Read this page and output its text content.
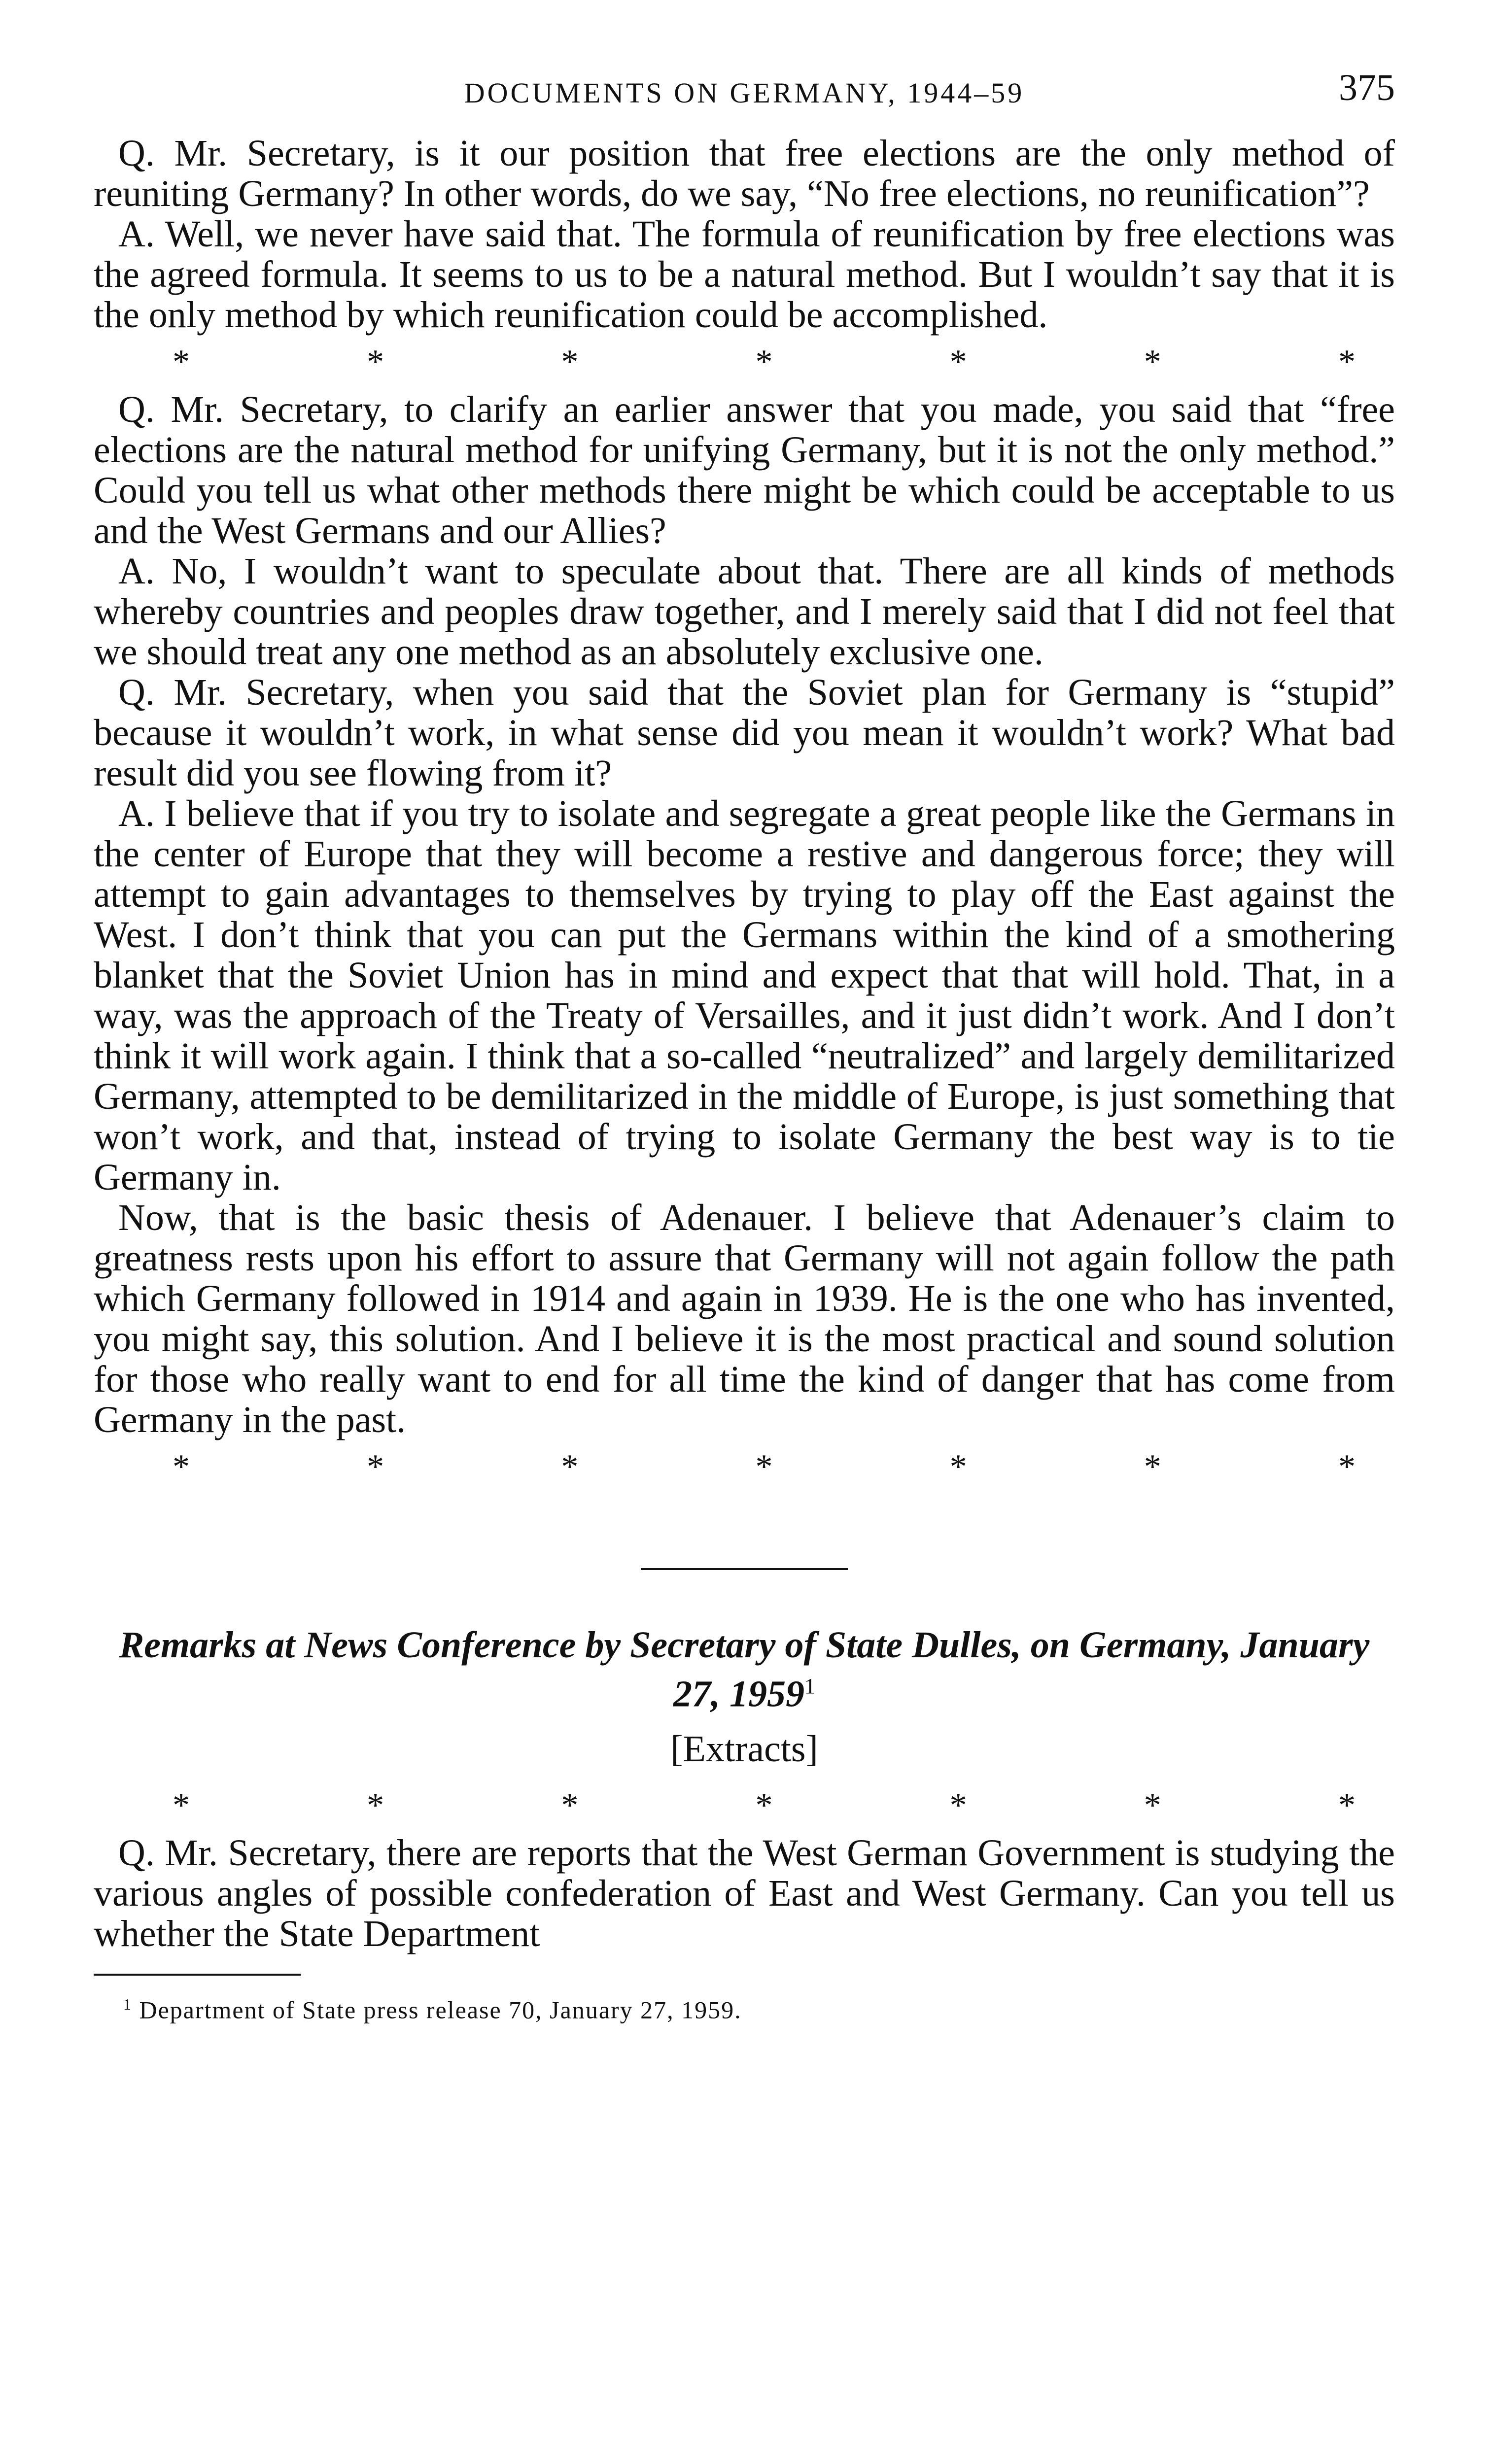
DOCUMENTS ON GERMANY, 1944–59	375

Q. Mr. Secretary, is it our position that free elections are the only method of reuniting Germany? In other words, do we say, “No free elections, no reunification”?

A. Well, we never have said that. The formula of reunification by free elections was the agreed formula. It seems to us to be a natural method. But I wouldn’t say that it is the only method by which reunification could be accomplished.

*	*	*	*	*	*	*

Q. Mr. Secretary, to clarify an earlier answer that you made, you said that “free elections are the natural method for unifying Germany, but it is not the only method.” Could you tell us what other methods there might be which could be acceptable to us and the West Germans and our Allies?

A. No, I wouldn’t want to speculate about that. There are all kinds of methods whereby countries and peoples draw together, and I merely said that I did not feel that we should treat any one method as an absolutely exclusive one.

Q. Mr. Secretary, when you said that the Soviet plan for Germany is “stupid” because it wouldn’t work, in what sense did you mean it wouldn’t work? What bad result did you see flowing from it?

A. I believe that if you try to isolate and segregate a great people like the Germans in the center of Europe that they will become a restive and dangerous force; they will attempt to gain advantages to themselves by trying to play off the East against the West. I don’t think that you can put the Germans within the kind of a smothering blanket that the Soviet Union has in mind and expect that that will hold. That, in a way, was the approach of the Treaty of Versailles, and it just didn’t work. And I don’t think it will work again. I think that a so-called “neutralized” and largely demilitarized Germany, attempted to be demilitarized in the middle of Europe, is just something that won’t work, and that, instead of trying to isolate Germany the best way is to tie Germany in.

Now, that is the basic thesis of Adenauer. I believe that Adenauer’s claim to greatness rests upon his effort to assure that Germany will not again follow the path which Germany followed in 1914 and again in 1939. He is the one who has invented, you might say, this solution. And I believe it is the most practical and sound solution for those who really want to end for all time the kind of danger that has come from Germany in the past.

*	*	*	*	*	*	*
Remarks at News Conference by Secretary of State Dulles, on Germany, January 27, 1959$^1$
[Extracts]
*	*	*	*	*	*	*

Q. Mr. Secretary, there are reports that the West German Government is studying the various angles of possible confederation of East and West Germany. Can you tell us whether the State Department

$^1$ Department of State press release 70, January 27, 1959.
